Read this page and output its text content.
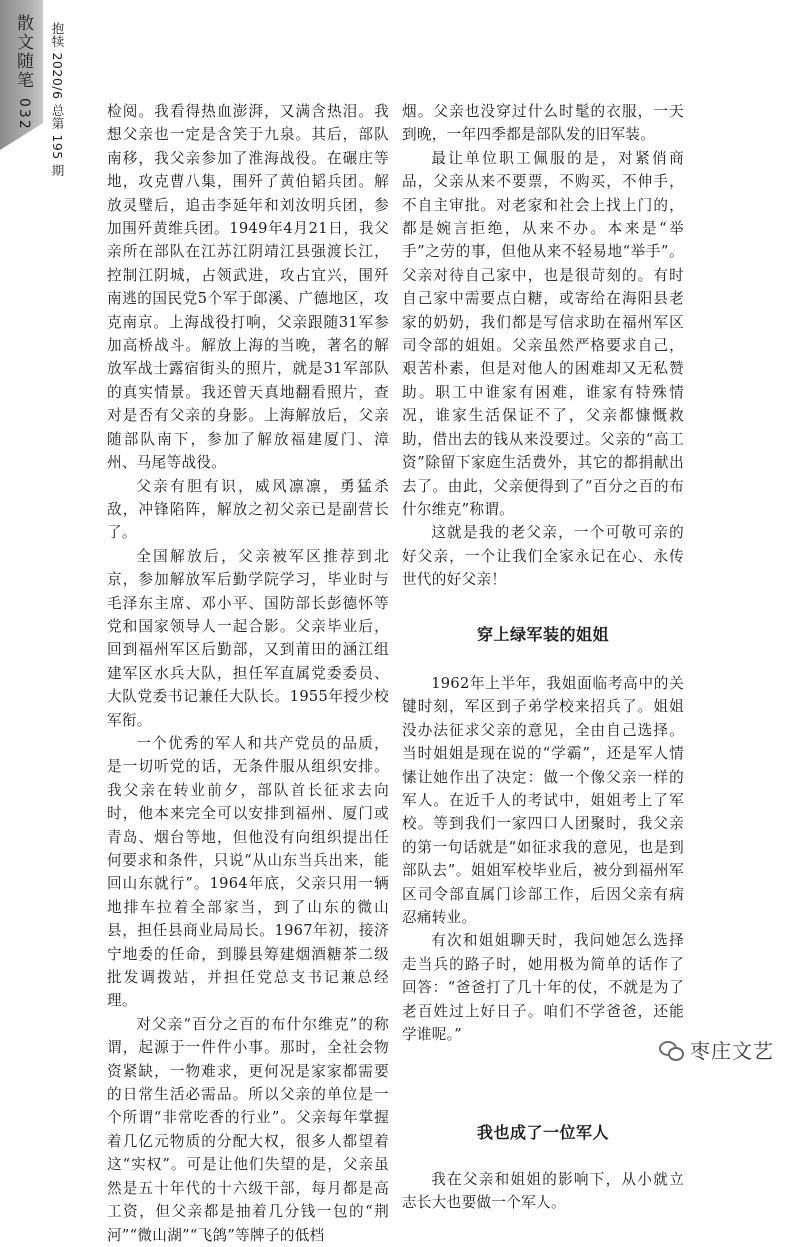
散文随笔
032	抱犊 2020/6 总第 195 期	检阅。我看得热血澎湃，又满含热泪。我想父亲也一定是含笑于九泉。其后，部队南移，我父亲参加了淮海战役。在碾庄等地，攻克曹八集，围歼了黄伯韬兵团。解放灵璧后，追击李延年和刘汝明兵团，参加围歼黄维兵团。1949年4月21日，我父亲所在部队在江苏江阴靖江县强渡长江，控制江阴城，占领武进，攻占宜兴，围歼南逃的国民党5个军于郎溪、广德地区，攻克南京。上海战役打响，父亲跟随31军参加高桥战斗。解放上海的当晚，著名的解放军战士露宿街头的照片，就是31军部队的真实情景。我还曾天真地翻看照片，查对是否有父亲的身影。上海解放后，父亲随部队南下，参加了解放福建厦门、漳州、马尾等战役。

父亲有胆有识，威风凛凛，勇猛杀敌，冲锋陷阵，解放之初父亲已是副营长了。

全国解放后，父亲被军区推荐到北京，参加解放军后勤学院学习，毕业时与毛泽东主席、邓小平、国防部长彭德怀等党和国家领导人一起合影。父亲毕业后，回到福州军区后勤部，又到莆田的涵江组建军区水兵大队，担任军直属党委委员、大队党委书记兼任大队长。1955年授少校军衔。

一个优秀的军人和共产党员的品质，是一切听党的话，无条件服从组织安排。我父亲在转业前夕，部队首长征求去向时，他本来完全可以安排到福州、厦门或青岛、烟台等地，但他没有向组织提出任何要求和条件，只说“从山东当兵出来，能回山东就行”。1964年底，父亲只用一辆地排车拉着全部家当，到了山东的微山县，担任县商业局局长。1967年初，接济宁地委的任命，到滕县筹建烟酒糖茶二级批发调拨站，并担任党总支书记兼总经理。

对父亲“百分之百的布什尔维克”的称谓，起源于一件件小事。那时，全社会物资紧缺，一物难求，更何况是家家都需要的日常生活必需品。所以父亲的单位是一个所谓“非常吃香的行业”。父亲每年掌握着几亿元物质的分配大权，很多人都望着这“实权”。可是让他们失望的是，父亲虽然是五十年代的十六级干部，每月都是高工资，但父亲都是抽着几分钱一包的“荆河”“微山湖”“飞鸽”等牌子的低档

烟。父亲也没穿过什么时髦的衣服，一天到晚，一年四季都是部队发的旧军装。

最让单位职工佩服的是，对紧俏商品，父亲从来不要票，不购买，不伸手，不自主审批。对老家和社会上找上门的，都是婉言拒绝，从来不办。本来是“举手”之劳的事，但他从来不轻易地“举手”。父亲对待自己家中，也是很苛刻的。有时自己家中需要点白糖，或寄给在海阳县老家的奶奶，我们都是写信求助在福州军区司令部的姐姐。父亲虽然严格要求自己，艰苦朴素，但是对他人的困难却又无私赞助。职工中谁家有困难，谁家有特殊情况，谁家生活保证不了，父亲都慷慨救助，借出去的钱从来没要过。父亲的“高工资”除留下家庭生活费外，其它的都捐献出去了。由此，父亲便得到了“百分之百的布什尔维克”称谓。

这就是我的老父亲，一个可敬可亲的好父亲，一个让我们全家永记在心、永传世代的好父亲！

穿上绿军装的姐姐

1962年上半年，我姐面临考高中的关键时刻，军区到子弟学校来招兵了。姐姐没办法征求父亲的意见，全由自己选择。当时姐姐是现在说的“学霸”，还是军人情愫让她作出了决定：做一个像父亲一样的军人。在近千人的考试中，姐姐考上了军校。等到我们一家四口人团聚时，我父亲的第一句话就是“如征求我的意见，也是到部队去”。姐姐军校毕业后，被分到福州军区司令部直属门诊部工作，后因父亲有病忍痛转业。

有次和姐姐聊天时，我问她怎么选择走当兵的路子时，她用极为简单的话作了回答：“爸爸打了几十年的仗，不就是为了老百姓过上好日子。咱们不学爸爸，还能学谁呢。”

我也成了一位军人

我在父亲和姐姐的影响下，从小就立志长大也要做一个军人。

枣庄文艺
